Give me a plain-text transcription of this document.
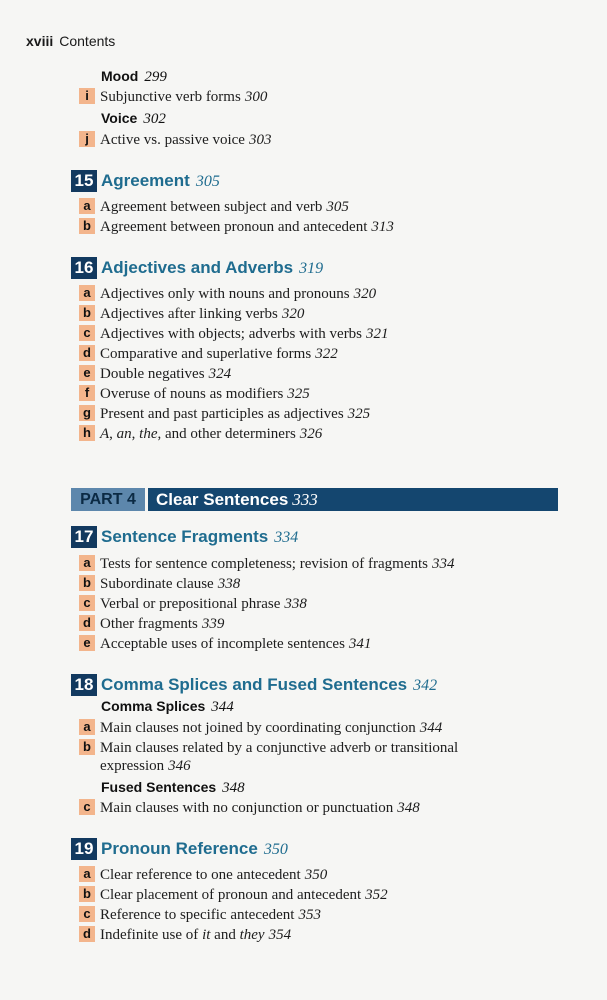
xviii Contents
Mood 299
i Subjunctive verb forms 300
Voice 302
j Active vs. passive voice 303
15 Agreement 305
a Agreement between subject and verb 305
b Agreement between pronoun and antecedent 313
16 Adjectives and Adverbs 319
a Adjectives only with nouns and pronouns 320
b Adjectives after linking verbs 320
c Adjectives with objects; adverbs with verbs 321
d Comparative and superlative forms 322
e Double negatives 324
f Overuse of nouns as modifiers 325
g Present and past participles as adjectives 325
h A, an, the, and other determiners 326
PART 4	Clear Sentences 333
17 Sentence Fragments 334
a Tests for sentence completeness; revision of fragments 334
b Subordinate clause 338
c Verbal or prepositional phrase 338
d Other fragments 339
e Acceptable uses of incomplete sentences 341
18 Comma Splices and Fused Sentences 342
Comma Splices 344
a Main clauses not joined by coordinating conjunction 344
b Main clauses related by a conjunctive adverb or transitional
expression 346
Fused Sentences 348
c Main clauses with no conjunction or punctuation 348
19 Pronoun Reference 350
a Clear reference to one antecedent 350
b Clear placement of pronoun and antecedent 352
c Reference to specific antecedent 353
d Indefinite use of it and they 354
